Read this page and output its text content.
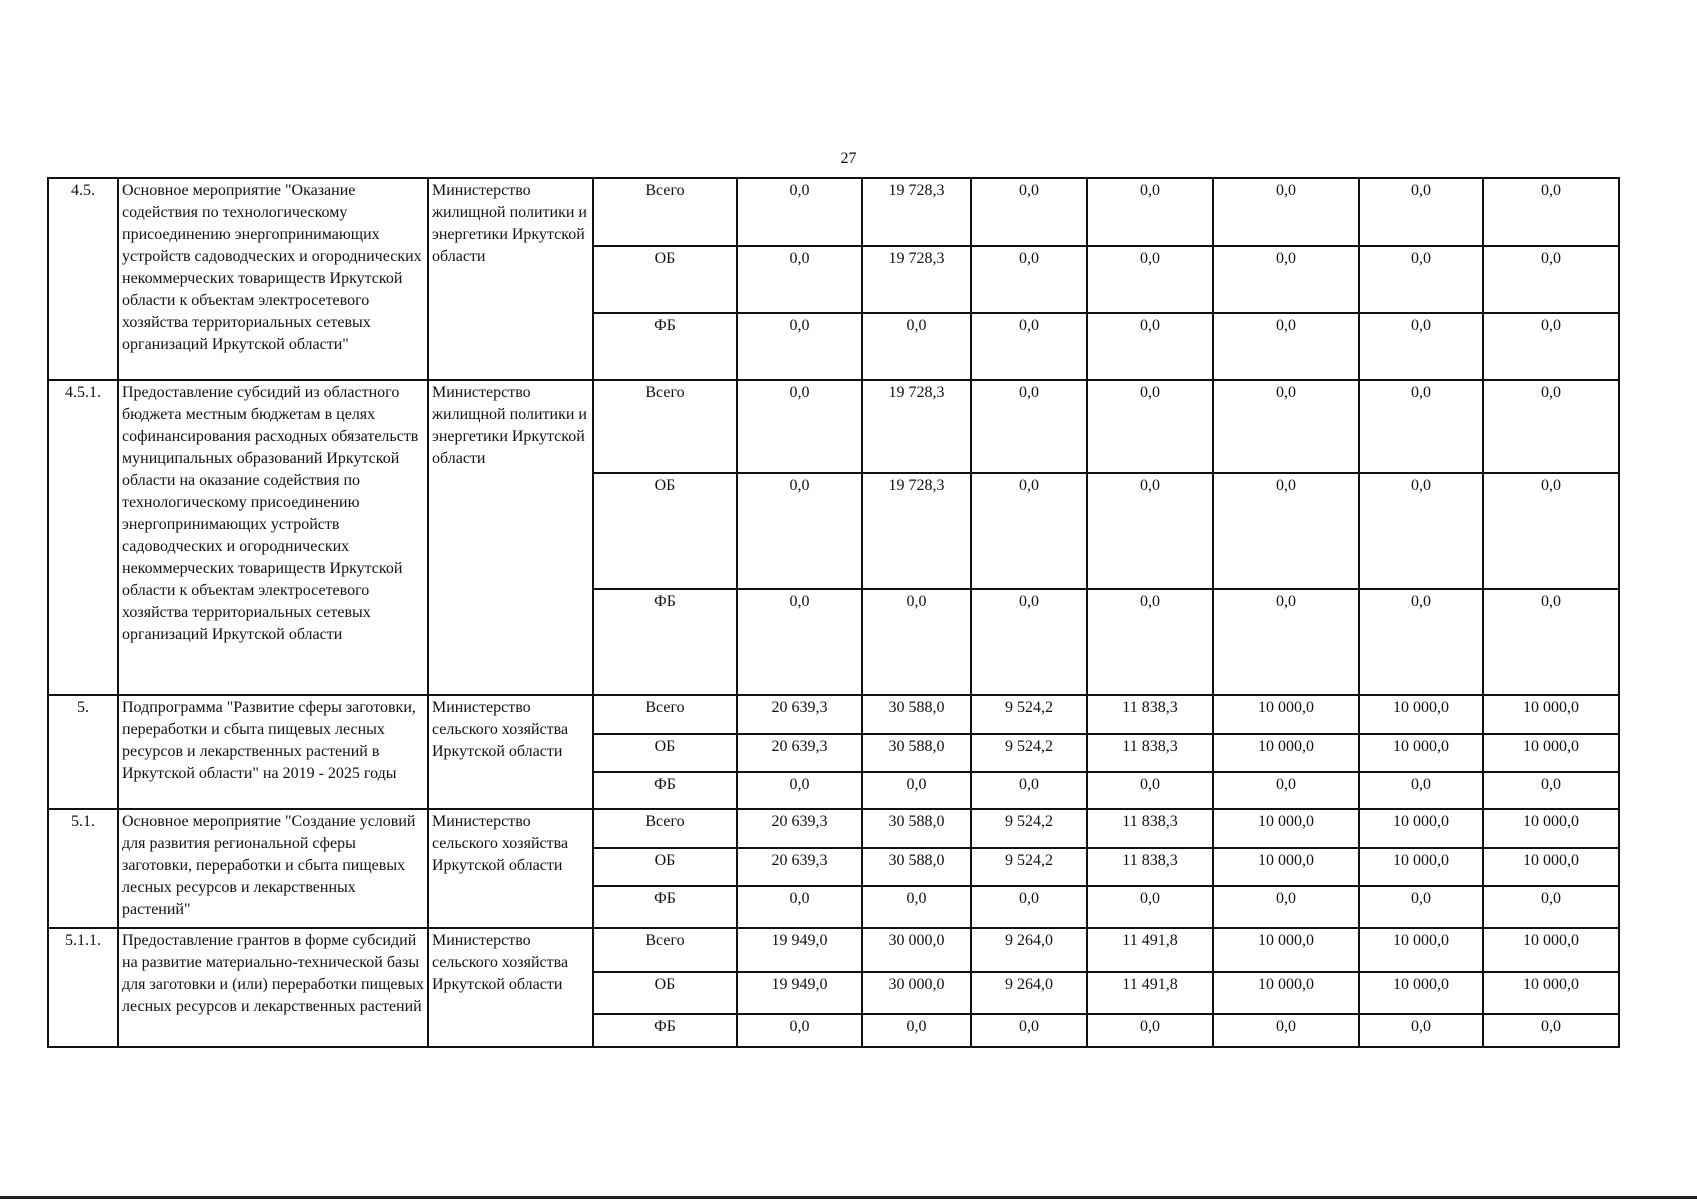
27
4.5.	Основное мероприятие "Оказание содействия по технологическому присоединению энергопринимающих устройств садоводческих и огороднических некоммерческих товариществ Иркутской области к объектам электросетевого хозяйства территориальных сетевых организаций Иркутской области"	Министерство жилищной политики и энергетики Иркутской области	Всего	0,0	19 728,3	0,0	0,0	0,0	0,0	0,0
			ОБ	0,0	19 728,3	0,0	0,0	0,0	0,0	0,0
			ФБ	0,0	0,0	0,0	0,0	0,0	0,0	0,0
4.5.1.	Предоставление субсидий из областного бюджета местным бюджетам в целях софинансирования расходных обязательств муниципальных образований Иркутской области на оказание содействия по технологическому присоединению энергопринимающих устройств садоводческих и огороднических некоммерческих товариществ Иркутской области к объектам электросетевого хозяйства территориальных сетевых организаций Иркутской области	Министерство жилищной политики и энергетики Иркутской области	Всего	0,0	19 728,3	0,0	0,0	0,0	0,0	0,0
			ОБ	0,0	19 728,3	0,0	0,0	0,0	0,0	0,0
			ФБ	0,0	0,0	0,0	0,0	0,0	0,0	0,0
5.	Подпрограмма "Развитие сферы заготовки, переработки и сбыта пищевых лесных ресурсов и лекарственных растений в Иркутской области" на 2019 - 2025 годы	Министерство сельского хозяйства Иркутской области	Всего	20 639,3	30 588,0	9 524,2	11 838,3	10 000,0	10 000,0	10 000,0
			ОБ	20 639,3	30 588,0	9 524,2	11 838,3	10 000,0	10 000,0	10 000,0
			ФБ	0,0	0,0	0,0	0,0	0,0	0,0	0,0
5.1.	Основное мероприятие "Создание условий для развития региональной сферы заготовки, переработки и сбыта пищевых лесных ресурсов и лекарственных растений"	Министерство сельского хозяйства Иркутской области	Всего	20 639,3	30 588,0	9 524,2	11 838,3	10 000,0	10 000,0	10 000,0
			ОБ	20 639,3	30 588,0	9 524,2	11 838,3	10 000,0	10 000,0	10 000,0
			ФБ	0,0	0,0	0,0	0,0	0,0	0,0	0,0
5.1.1.	Предоставление грантов в форме субсидий на развитие материально-технической базы для заготовки и (или) переработки пищевых лесных ресурсов и лекарственных растений	Министерство сельского хозяйства Иркутской области	Всего	19 949,0	30 000,0	9 264,0	11 491,8	10 000,0	10 000,0	10 000,0
			ОБ	19 949,0	30 000,0	9 264,0	11 491,8	10 000,0	10 000,0	10 000,0
			ФБ	0,0	0,0	0,0	0,0	0,0	0,0	0,0
